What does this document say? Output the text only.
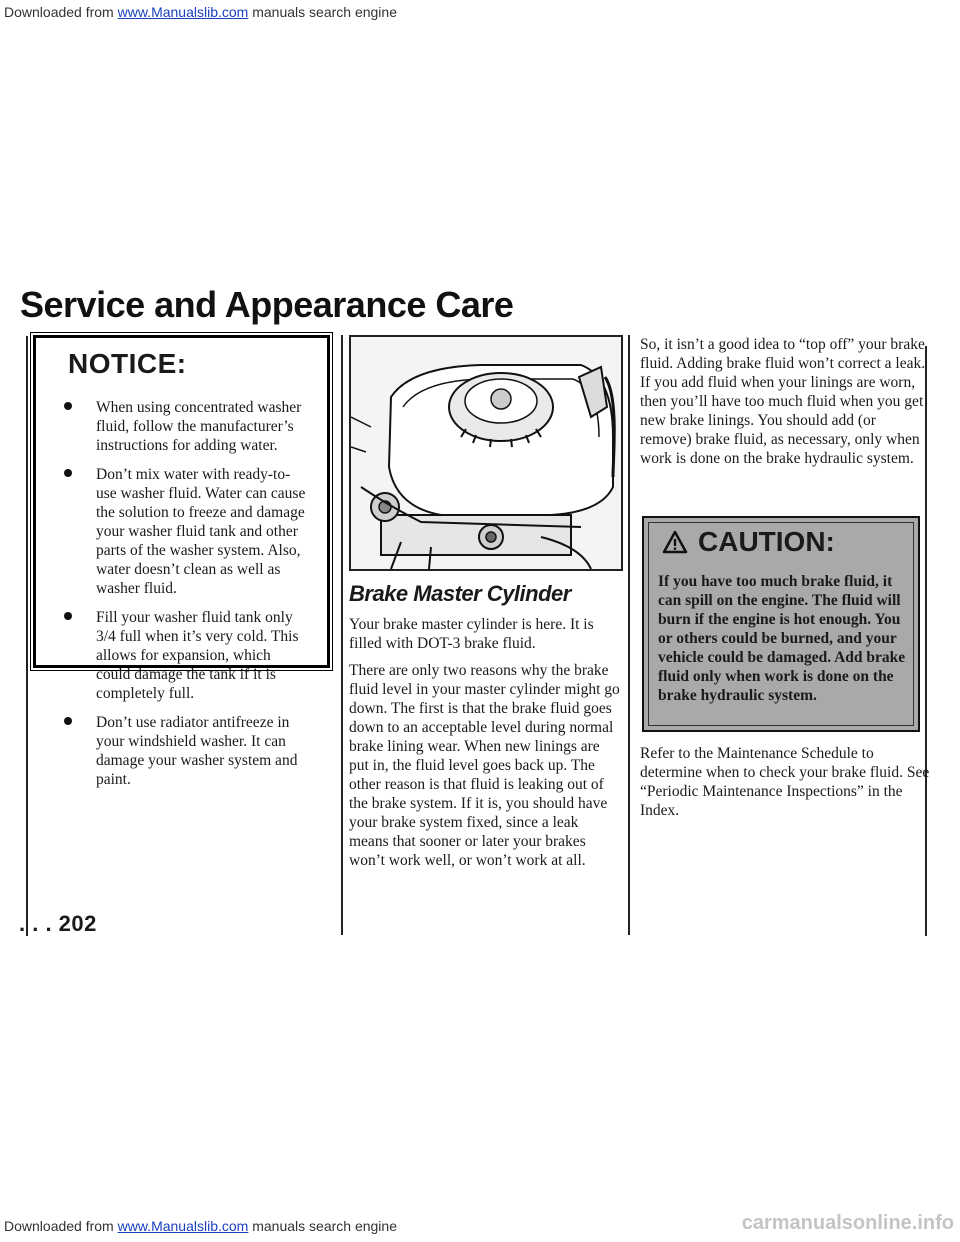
Downloaded from www.Manualslib.com manuals search engine
Service and Appearance Care
NOTICE:
When using concentrated washer fluid, follow the manufacturer’s instructions for adding water.
Don’t mix water with ready-to-use washer fluid. Water can cause the solution to freeze and damage your washer fluid tank and other parts of the washer system. Also, water doesn’t clean as well as washer fluid.
Fill your washer fluid tank only 3/4 full when it’s very cold. This allows for expansion, which could damage the tank if it is completely full.
Don’t use radiator antifreeze in your windshield washer. It can damage your washer system and paint.
Brake Master Cylinder

Your brake master cylinder is here. It is filled with DOT-3 brake fluid.

There are only two reasons why the brake fluid level in your master cylinder might go down. The first is that the brake fluid goes down to an acceptable level during normal brake lining wear. When new linings are put in, the fluid level goes back up. The other reason is that fluid is leaking out of the brake system. If it is, you should have your brake system fixed, since a leak means that sooner or later your brakes won’t work well, or won’t work at all.

So, it isn’t a good idea to “top off” your brake fluid. Adding brake fluid won’t correct a leak. If you add fluid when your linings are worn, then you’ll have too much fluid when you get new brake linings. You should add (or remove) brake fluid, as necessary, only when work is done on the brake hydraulic system.

CAUTION:

If you have too much brake fluid, it can spill on the engine. The fluid will burn if the engine is hot enough. You or others could be burned, and your vehicle could be damaged. Add brake fluid only when work is done on the brake hydraulic system.

Refer to the Maintenance Schedule to determine when to check your brake fluid. See “Periodic Maintenance Inspections” in the Index.

. . . 202
Downloaded from www.Manualslib.com manuals search engine	carmanualsonline.info
